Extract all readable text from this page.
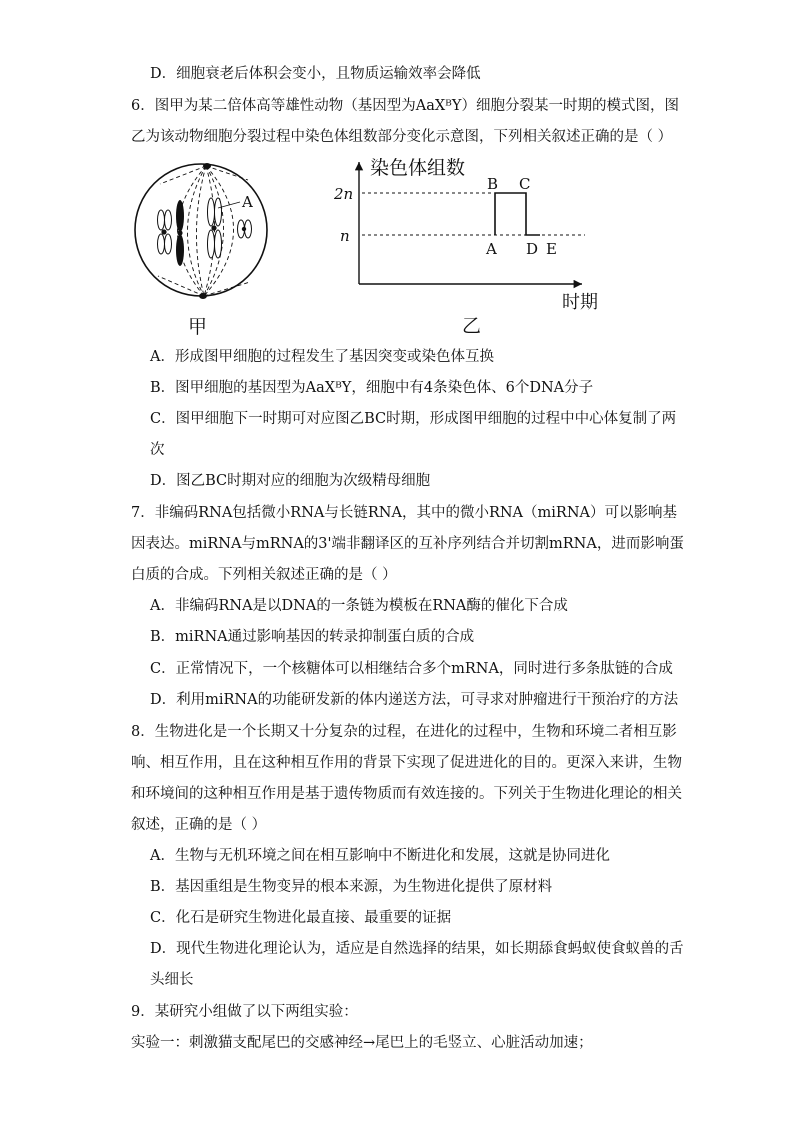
D．细胞衰老后体积会变小，且物质运输效率会降低
6．图甲为某二倍体高等雄性动物（基因型为AaXᴮY）细胞分裂某一时期的模式图，图
乙为该动物细胞分裂过程中染色体组数部分变化示意图，下列相关叙述正确的是（ ）
A
甲
染色体组数
时期
2n
n
B C
A D E
乙
A．形成图甲细胞的过程发生了基因突变或染色体互换
B．图甲细胞的基因型为AaXᴮY，细胞中有4条染色体、6个DNA分子
C．图甲细胞下一时期可对应图乙BC时期，形成图甲细胞的过程中中心体复制了两
次
D．图乙BC时期对应的细胞为次级精母细胞
7．非编码RNA包括微小RNA与长链RNA，其中的微小RNA（miRNA）可以影响基
因表达。miRNA与mRNA的3'端非翻译区的互补序列结合并切割mRNA，进而影响蛋
白质的合成。下列相关叙述正确的是（ ）
A．非编码RNA是以DNA的一条链为模板在RNA酶的催化下合成
B．miRNA通过影响基因的转录抑制蛋白质的合成
C．正常情况下，一个核糖体可以相继结合多个mRNA，同时进行多条肽链的合成
D．利用miRNA的功能研发新的体内递送方法，可寻求对肿瘤进行干预治疗的方法
8．生物进化是一个长期又十分复杂的过程，在进化的过程中，生物和环境二者相互影
响、相互作用，且在这种相互作用的背景下实现了促进进化的目的。更深入来讲，生物
和环境间的这种相互作用是基于遗传物质而有效连接的。下列关于生物进化理论的相关
叙述，正确的是（ ）
A．生物与无机环境之间在相互影响中不断进化和发展，这就是协同进化
B．基因重组是生物变异的根本来源，为生物进化提供了原材料
C．化石是研究生物进化最直接、最重要的证据
D．现代生物进化理论认为，适应是自然选择的结果，如长期舔食蚂蚁使食蚁兽的舌
头细长
9．某研究小组做了以下两组实验：
实验一：刺激猫支配尾巴的交感神经→尾巴上的毛竖立、心脏活动加速；
